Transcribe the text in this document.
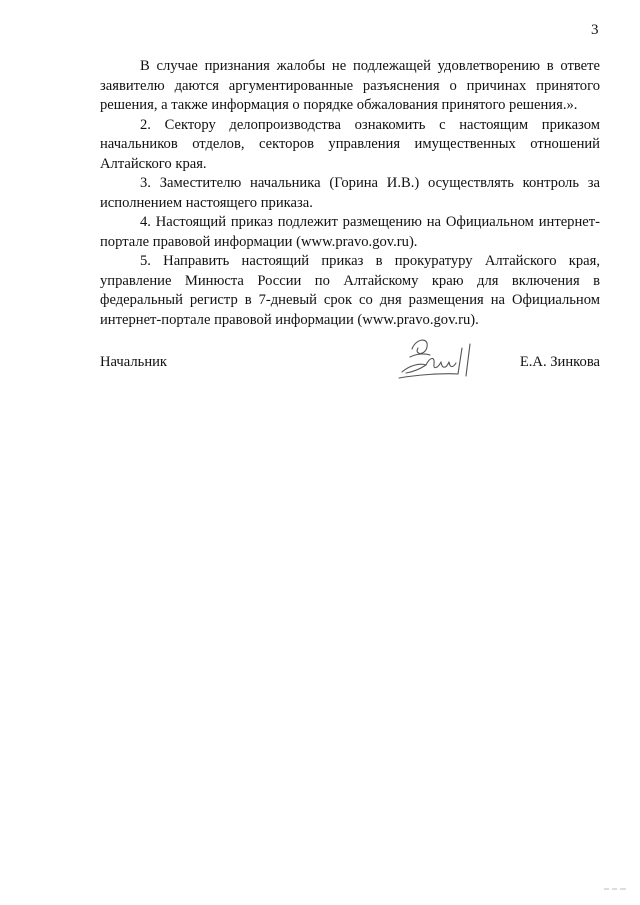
3

В случае признания жалобы не подлежащей удовлетворению в ответе заявителю даются аргументированные разъяснения о причинах принятого решения, а также информация о порядке обжалования принятого решения.».

2. Сектору делопроизводства ознакомить с настоящим приказом начальников отделов, секторов управления имущественных отношений Алтайского края.

3. Заместителю начальника (Горина И.В.) осуществлять контроль за исполнением настоящего приказа.

4. Настоящий приказ подлежит размещению на Официальном интернет-портале правовой информации (www.pravo.gov.ru).

5. Направить настоящий приказ в прокуратуру Алтайского края, управление Минюста России по Алтайскому краю для включения в федеральный регистр в 7-дневый срок со дня размещения на Официальном интернет-портале правовой информации (www.pravo.gov.ru).

Начальник	Е.А. Зинкова
